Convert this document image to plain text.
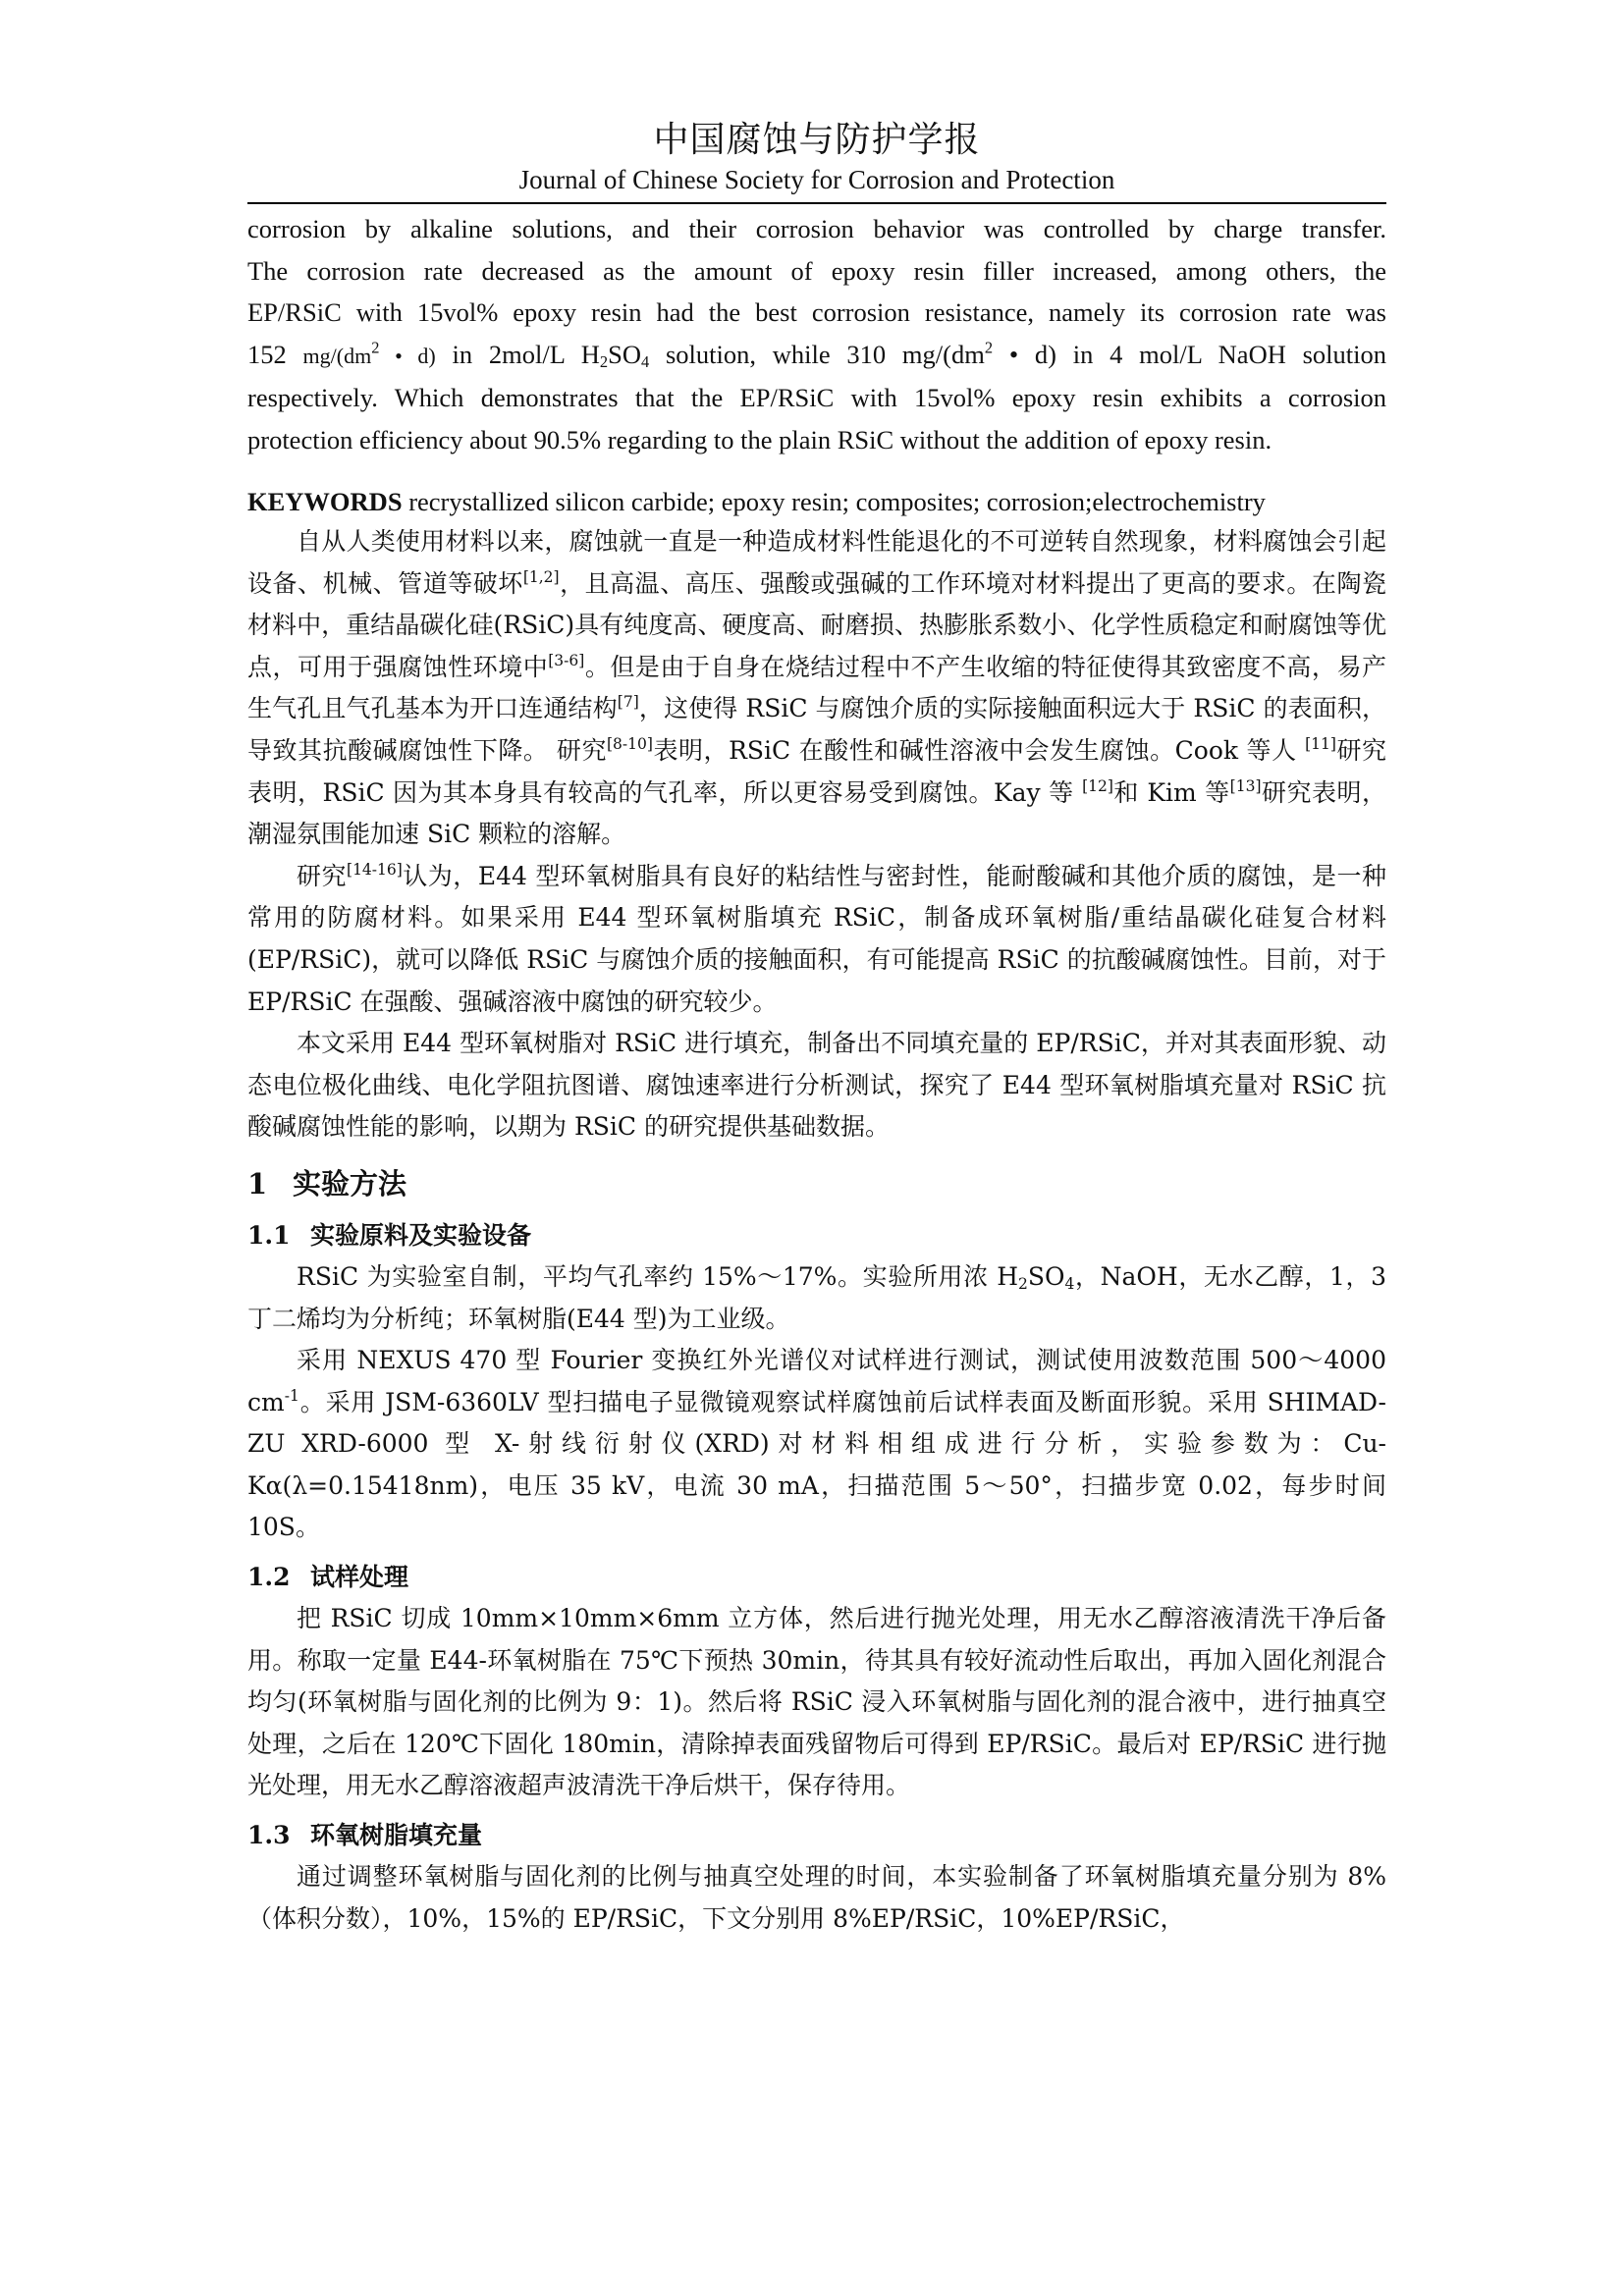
中国腐蚀与防护学报
Journal of Chinese Society for Corrosion and Protection

corrosion by alkaline solutions, and their corrosion behavior was controlled by charge transfer.

The corrosion rate decreased as the amount of epoxy resin filler increased, among others, the

EP/RSiC with 15vol% epoxy resin had the best corrosion resistance, namely its corrosion rate was

152 $mg/(dm^2$ • d) in 2mol/L $H_2SO_4$ solution, while 310 $mg/(dm^2$ • d) in 4 mol/L NaOH solution

respectively. Which demonstrates that the EP/RSiC with 15vol% epoxy resin exhibits a corrosion

protection efficiency about 90.5% regarding to the plain RSiC without the addition of epoxy resin.

KEYWORDS recrystallized silicon carbide; epoxy resin; composites; corrosion;electrochemistry

自从人类使用材料以来，腐蚀就一直是一种造成材料性能退化的不可逆转自然现象，材料腐蚀会引起设备、机械、管道等破坏[1,2]，且高温、高压、强酸或强碱的工作环境对材料提出了更高的要求。在陶瓷材料中，重结晶碳化硅(RSiC)具有纯度高、硬度高、耐磨损、热膨胀系数小、化学性质稳定和耐腐蚀等优点，可用于强腐蚀性环境中[3-6]。但是由于自身在烧结过程中不产生收缩的特征使得其致密度不高，易产生气孔且气孔基本为开口连通结构[7]，这使得 RSiC 与腐蚀介质的实际接触面积远大于 RSiC 的表面积，导致其抗酸碱腐蚀性下降。 研究[8-10]表明，RSiC 在酸性和碱性溶液中会发生腐蚀。Cook 等人 [11]研究表明，RSiC 因为其本身具有较高的气孔率，所以更容易受到腐蚀。Kay 等 [12]和 Kim 等[13]研究表明，潮湿氛围能加速 SiC 颗粒的溶解。

研究[14-16]认为，E44 型环氧树脂具有良好的粘结性与密封性，能耐酸碱和其他介质的腐蚀，是一种常用的防腐材料。如果采用 E44 型环氧树脂填充 RSiC，制备成环氧树脂/重结晶碳化硅复合材料(EP/RSiC)，就可以降低 RSiC 与腐蚀介质的接触面积，有可能提高 RSiC 的抗酸碱腐蚀性。目前，对于 EP/RSiC 在强酸、强碱溶液中腐蚀的研究较少。

本文采用 E44 型环氧树脂对 RSiC 进行填充，制备出不同填充量的 EP/RSiC，并对其表面形貌、动态电位极化曲线、电化学阻抗图谱、腐蚀速率进行分析测试，探究了 E44 型环氧树脂填充量对 RSiC 抗酸碱腐蚀性能的影响，以期为 RSiC 的研究提供基础数据。

1 实验方法
1.1 实验原料及实验设备

RSiC 为实验室自制，平均气孔率约 15%～17%。实验所用浓 $H_2SO_4$，NaOH，无水乙醇，1，3 丁二烯均为分析纯；环氧树脂(E44 型)为工业级。

采用 NEXUS 470 型 Fourier 变换红外光谱仪对试样进行测试，测试使用波数范围 500～4000 $cm^{-1}$。采用 JSM-6360LV 型扫描电子显微镜观察试样腐蚀前后试样表面及断面形貌。采用 SHIMAD-ZU XRD-6000 型 X-射线衍射仪(XRD)对材料相组成进行分析，实验参数为：Cu-Kα(λ=0.15418nm)，电压 35 kV，电流 30 mA，扫描范围 5～50°，扫描步宽 0.02，每步时间 10S。

1.2 试样处理

把 RSiC 切成 10mm×10mm×6mm 立方体，然后进行抛光处理，用无水乙醇溶液清洗干净后备用。称取一定量 E44-环氧树脂在 75℃下预热 30min，待其具有较好流动性后取出，再加入固化剂混合均匀(环氧树脂与固化剂的比例为 9：1)。然后将 RSiC 浸入环氧树脂与固化剂的混合液中，进行抽真空处理，之后在 120℃下固化 180min，清除掉表面残留物后可得到 EP/RSiC。最后对 EP/RSiC 进行抛光处理，用无水乙醇溶液超声波清洗干净后烘干，保存待用。

1.3 环氧树脂填充量

通过调整环氧树脂与固化剂的比例与抽真空处理的时间，本实验制备了环氧树脂填充量分别为 8%（体积分数），10%，15%的 EP/RSiC，下文分别用 8%EP/RSiC，10%EP/RSiC，
